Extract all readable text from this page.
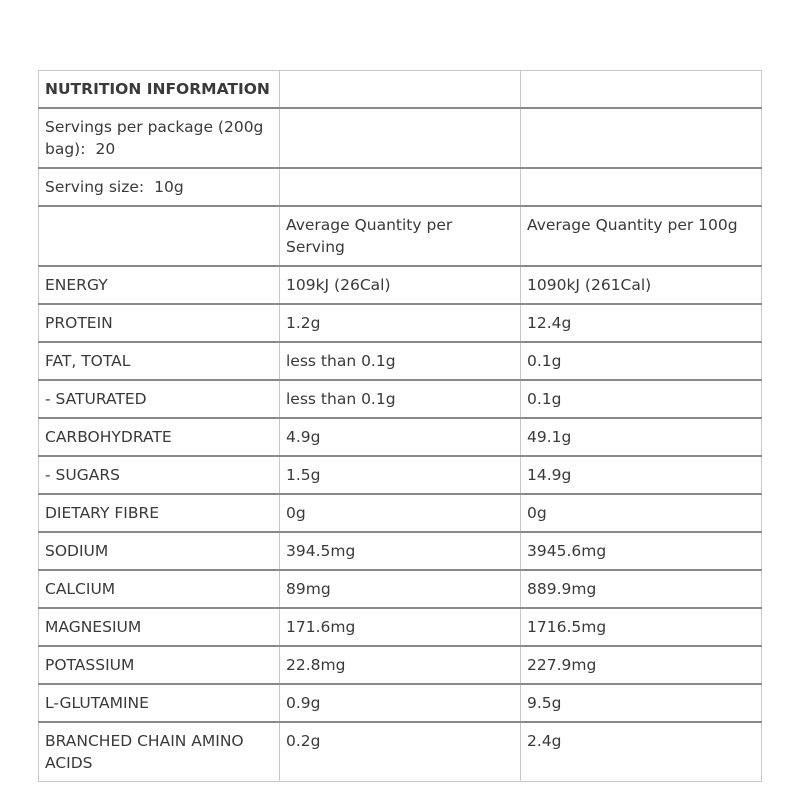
NUTRITION INFORMATION		
Servings per package (200g bag): 20		
Serving size: 10g		
	Average Quantity per Serving	Average Quantity per 100g
ENERGY	109kJ (26Cal)	1090kJ (261Cal)
PROTEIN	1.2g	12.4g
FAT, TOTAL	less than 0.1g	0.1g
- SATURATED	less than 0.1g	0.1g
CARBOHYDRATE	4.9g	49.1g
- SUGARS	1.5g	14.9g
DIETARY FIBRE	0g	0g
SODIUM	394.5mg	3945.6mg
CALCIUM	89mg	889.9mg
MAGNESIUM	171.6mg	1716.5mg
POTASSIUM	22.8mg	227.9mg
L-GLUTAMINE	0.9g	9.5g
BRANCHED CHAIN AMINO ACIDS	0.2g	2.4g
